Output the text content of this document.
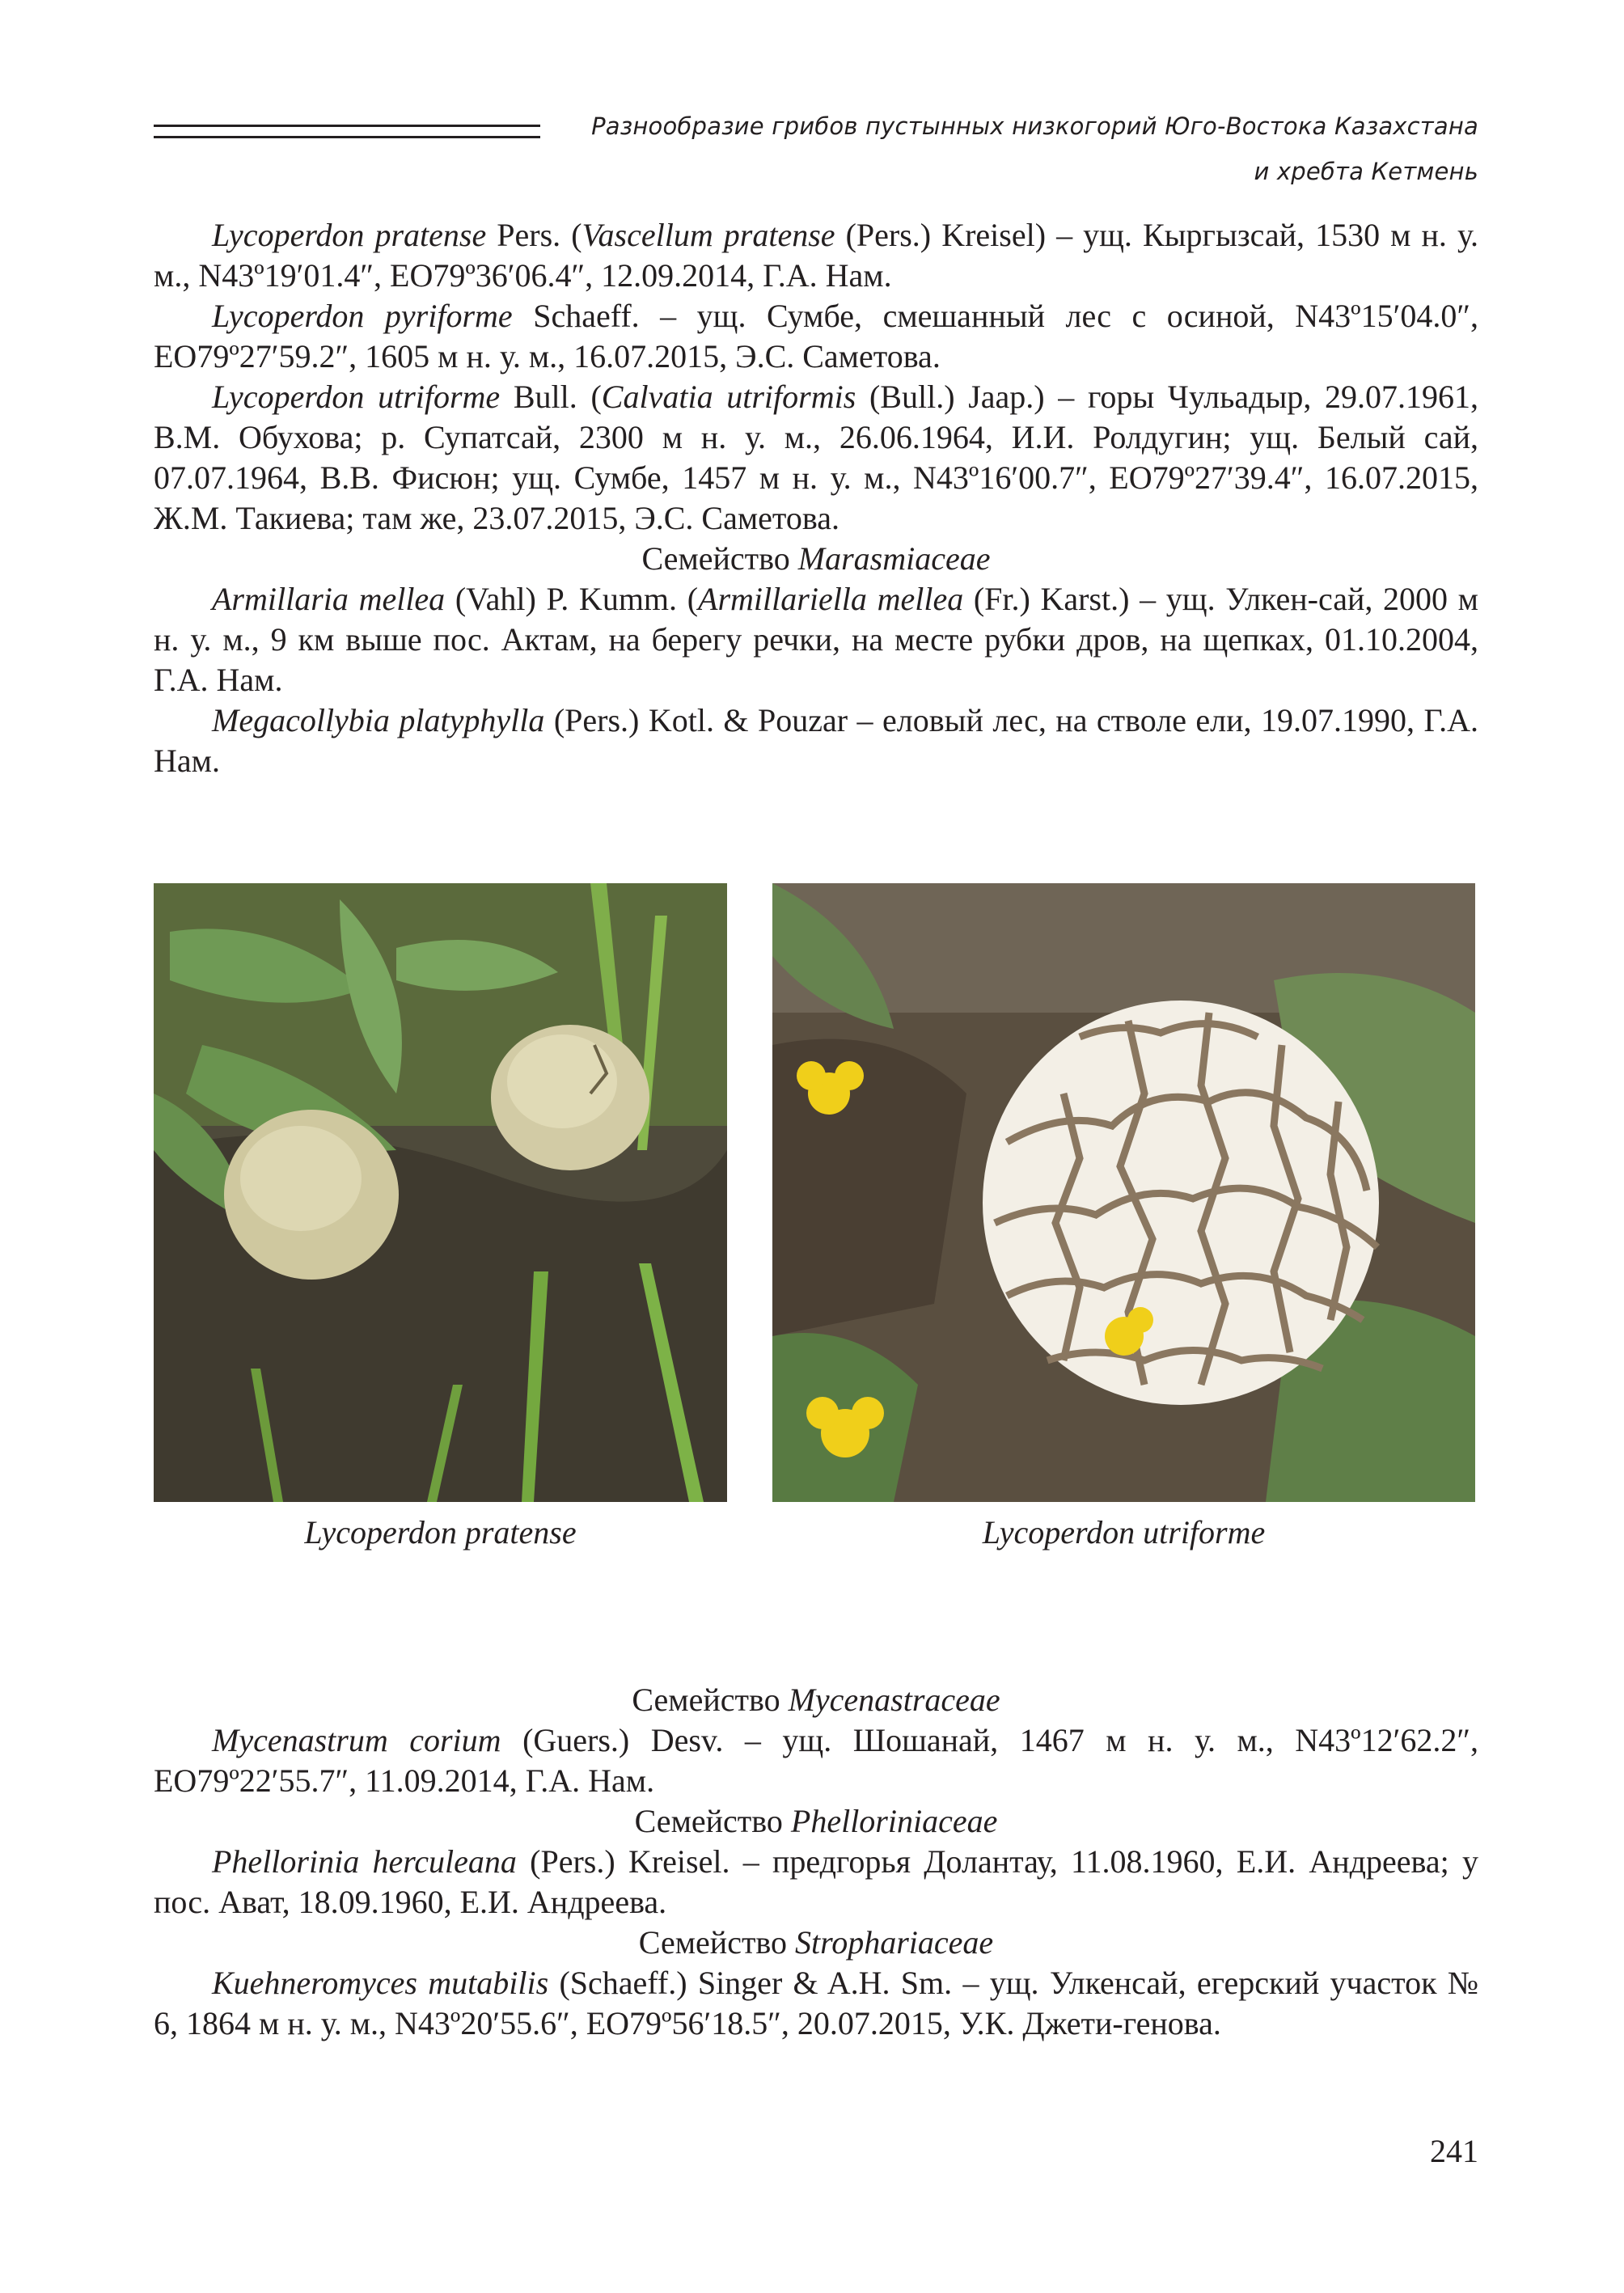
Разнообразие грибов пустынных низкогорий Юго-Востока Казахстана
и хребта Кетмень

Lycoperdon pratense Pers. (Vascellum pratense (Pers.) Kreisel) – ущ. Кыргызсай, 1530 м н. у. м., N43º19′01.4″, EO79º36′06.4″, 12.09.2014, Г.А. Нам.

Lycoperdon pyriforme Schaeff. – ущ. Сумбе, смешанный лес с осиной, N43º15′04.0″, EO79º27′59.2″, 1605 м н. у. м., 16.07.2015, Э.С. Саметова.

Lycoperdon utriforme Bull. (Calvatia utriformis (Bull.) Jaap.) – горы Чульадыр, 29.07.1961, В.М. Обухова; р. Супатсай, 2300 м н. у. м., 26.06.1964, И.И. Ролдугин; ущ. Белый сай, 07.07.1964, В.В. Фисюн; ущ. Сумбе, 1457 м н. у. м., N43º16′00.7″, EO79º27′39.4″, 16.07.2015, Ж.М. Такиева; там же, 23.07.2015, Э.С. Саметова.

Семейство Marasmiaceae

Armillaria mellea (Vahl) P. Kumm. (Armillariella mellea (Fr.) Karst.) – ущ. Улкен-сай, 2000 м н. у. м., 9 км выше пос. Актам, на берегу речки, на месте рубки дров, на щепках, 01.10.2004, Г.А. Нам.

Megacollybia platyphylla (Pers.) Kotl. & Pouzar – еловый лес, на стволе ели, 19.07.1990, Г.А. Нам.

Lycoperdon pratense	Lycoperdon utriforme

Семейство Mycenastraceae

Mycenastrum corium (Guers.) Desv. – ущ. Шошанай, 1467 м н. у. м., N43º12′62.2″, EO79º22′55.7″, 11.09.2014, Г.А. Нам.

Семейство Phelloriniaceae

Phellorinia herculeana (Pers.) Kreisel. – предгорья Долантау, 11.08.1960, Е.И. Андреева; у пос. Ават, 18.09.1960, Е.И. Андреева.

Семейство Strophariaceae

Kuehneromyces mutabilis (Schaeff.) Singer & A.H. Sm. – ущ. Улкенсай, егерский участок № 6, 1864 м н. у. м., N43º20′55.6″, EO79º56′18.5″, 20.07.2015, У.К. Джети-генова.

241
